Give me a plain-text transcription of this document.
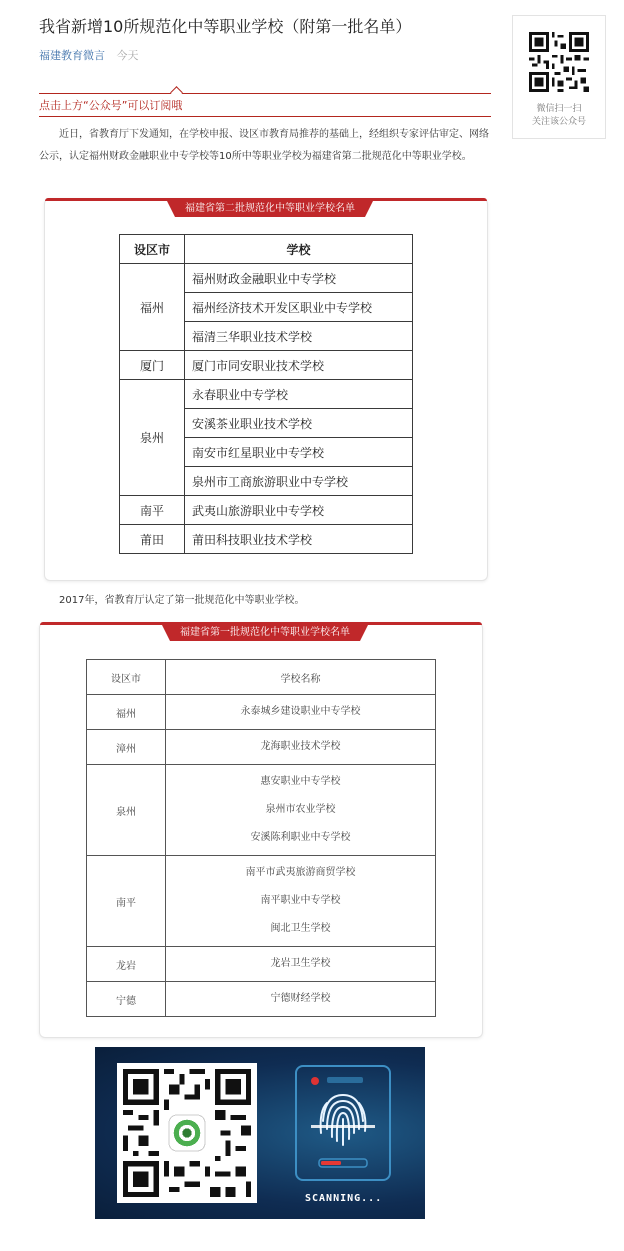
我省新增10所规范化中等职业学校（附第一批名单）
福建教育微言 今天
微信扫一扫
关注该公众号
点击上方“公众号”可以订阅哦
近日，省教育厅下发通知，在学校申报、设区市教育局推荐的基础上，经组织专家评估审定、网络公示，认定福州财政金融职业中专学校等10所中等职业学校为福建省第二批规范化中等职业学校。
福建省第二批规范化中等职业学校名单
设区市	学校
福州	福州财政金融职业中专学校
	福州经济技术开发区职业中专学校
	福清三华职业技术学校
厦门	厦门市同安职业技术学校
泉州	永春职业中专学校
	安溪茶业职业技术学校
	南安市红星职业中专学校
	泉州市工商旅游职业中专学校
南平	武夷山旅游职业中专学校
莆田	莆田科技职业技术学校
2017年，省教育厅认定了第一批规范化中等职业学校。
福建省第一批规范化中等职业学校名单
设区市	学校名称
福州	永泰城乡建设职业中专学校

漳州	龙海职业技术学校

泉州	惠安职业中专学校
泉州市农业学校
安溪陈利职业中专学校

南平	南平市武夷旅游商贸学校
南平职业中专学校
闽北卫生学校

龙岩	龙岩卫生学校

宁德	宁德财经学校
SCANNING...
